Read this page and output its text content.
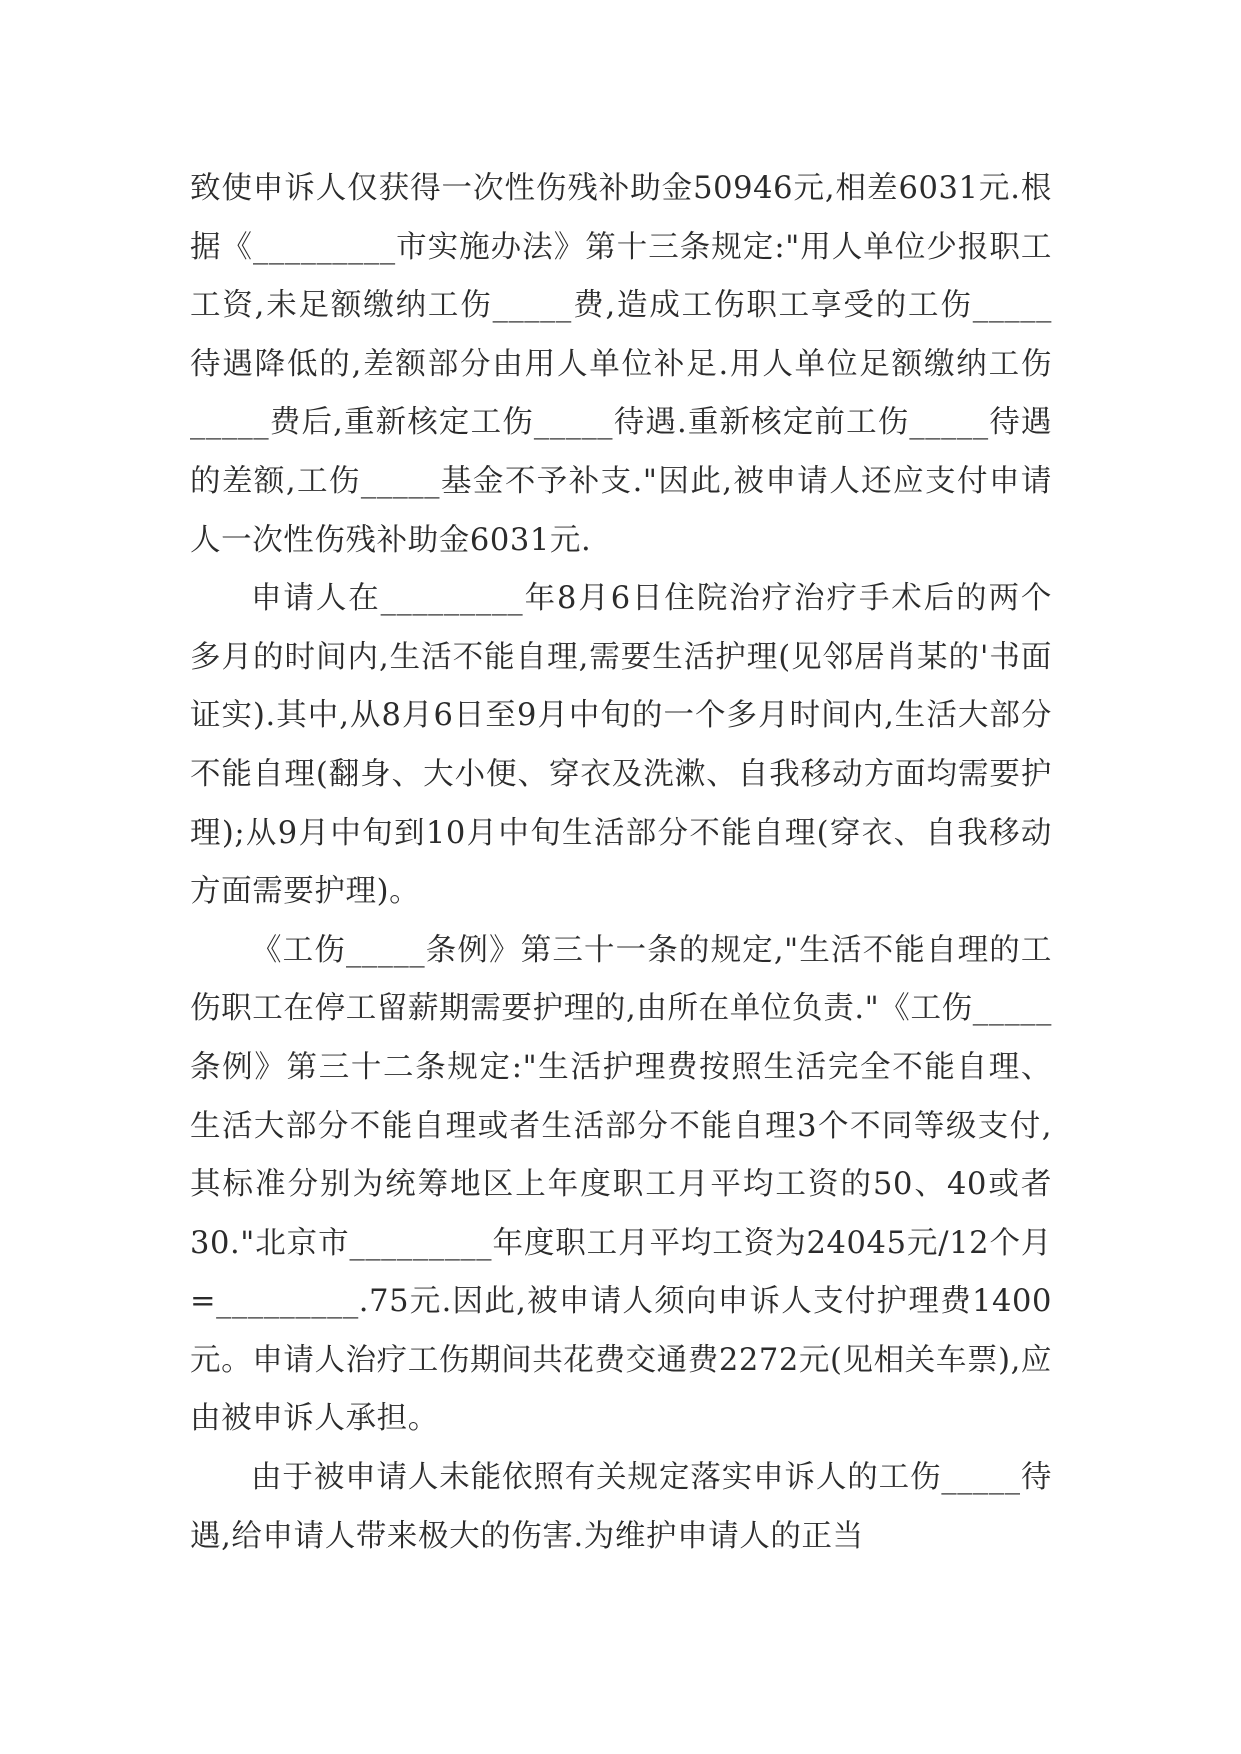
致使申诉人仅获得一次性伤残补助金50946元,相差6031元.根据《_________市实施办法》第十三条规定:"用人单位少报职工工资,未足额缴纳工伤_____费,造成工伤职工享受的工伤_____待遇降低的,差额部分由用人单位补足.用人单位足额缴纳工伤_____费后,重新核定工伤_____待遇.重新核定前工伤_____待遇的差额,工伤_____基金不予补支."因此,被申请人还应支付申请人一次性伤残补助金6031元.

申请人在_________年8月6日住院治疗治疗手术后的两个多月的时间内,生活不能自理,需要生活护理(见邻居肖某的'书面证实).其中,从8月6日至9月中旬的一个多月时间内,生活大部分不能自理(翻身、大小便、穿衣及洗漱、自我移动方面均需要护理);从9月中旬到10月中旬生活部分不能自理(穿衣、自我移动方面需要护理)。

《工伤_____条例》第三十一条的规定,"生活不能自理的工伤职工在停工留薪期需要护理的,由所在单位负责."《工伤_____条例》第三十二条规定:"生活护理费按照生活完全不能自理、生活大部分不能自理或者生活部分不能自理3个不同等级支付,其标准分别为统筹地区上年度职工月平均工资的50、40或者30."北京市_________年度职工月平均工资为24045元/12个月=_________.75元.因此,被申请人须向申诉人支付护理费1400元。申请人治疗工伤期间共花费交通费2272元(见相关车票),应由被申诉人承担。

由于被申请人未能依照有关规定落实申诉人的工伤_____待遇,给申请人带来极大的伤害.为维护申请人的正当
